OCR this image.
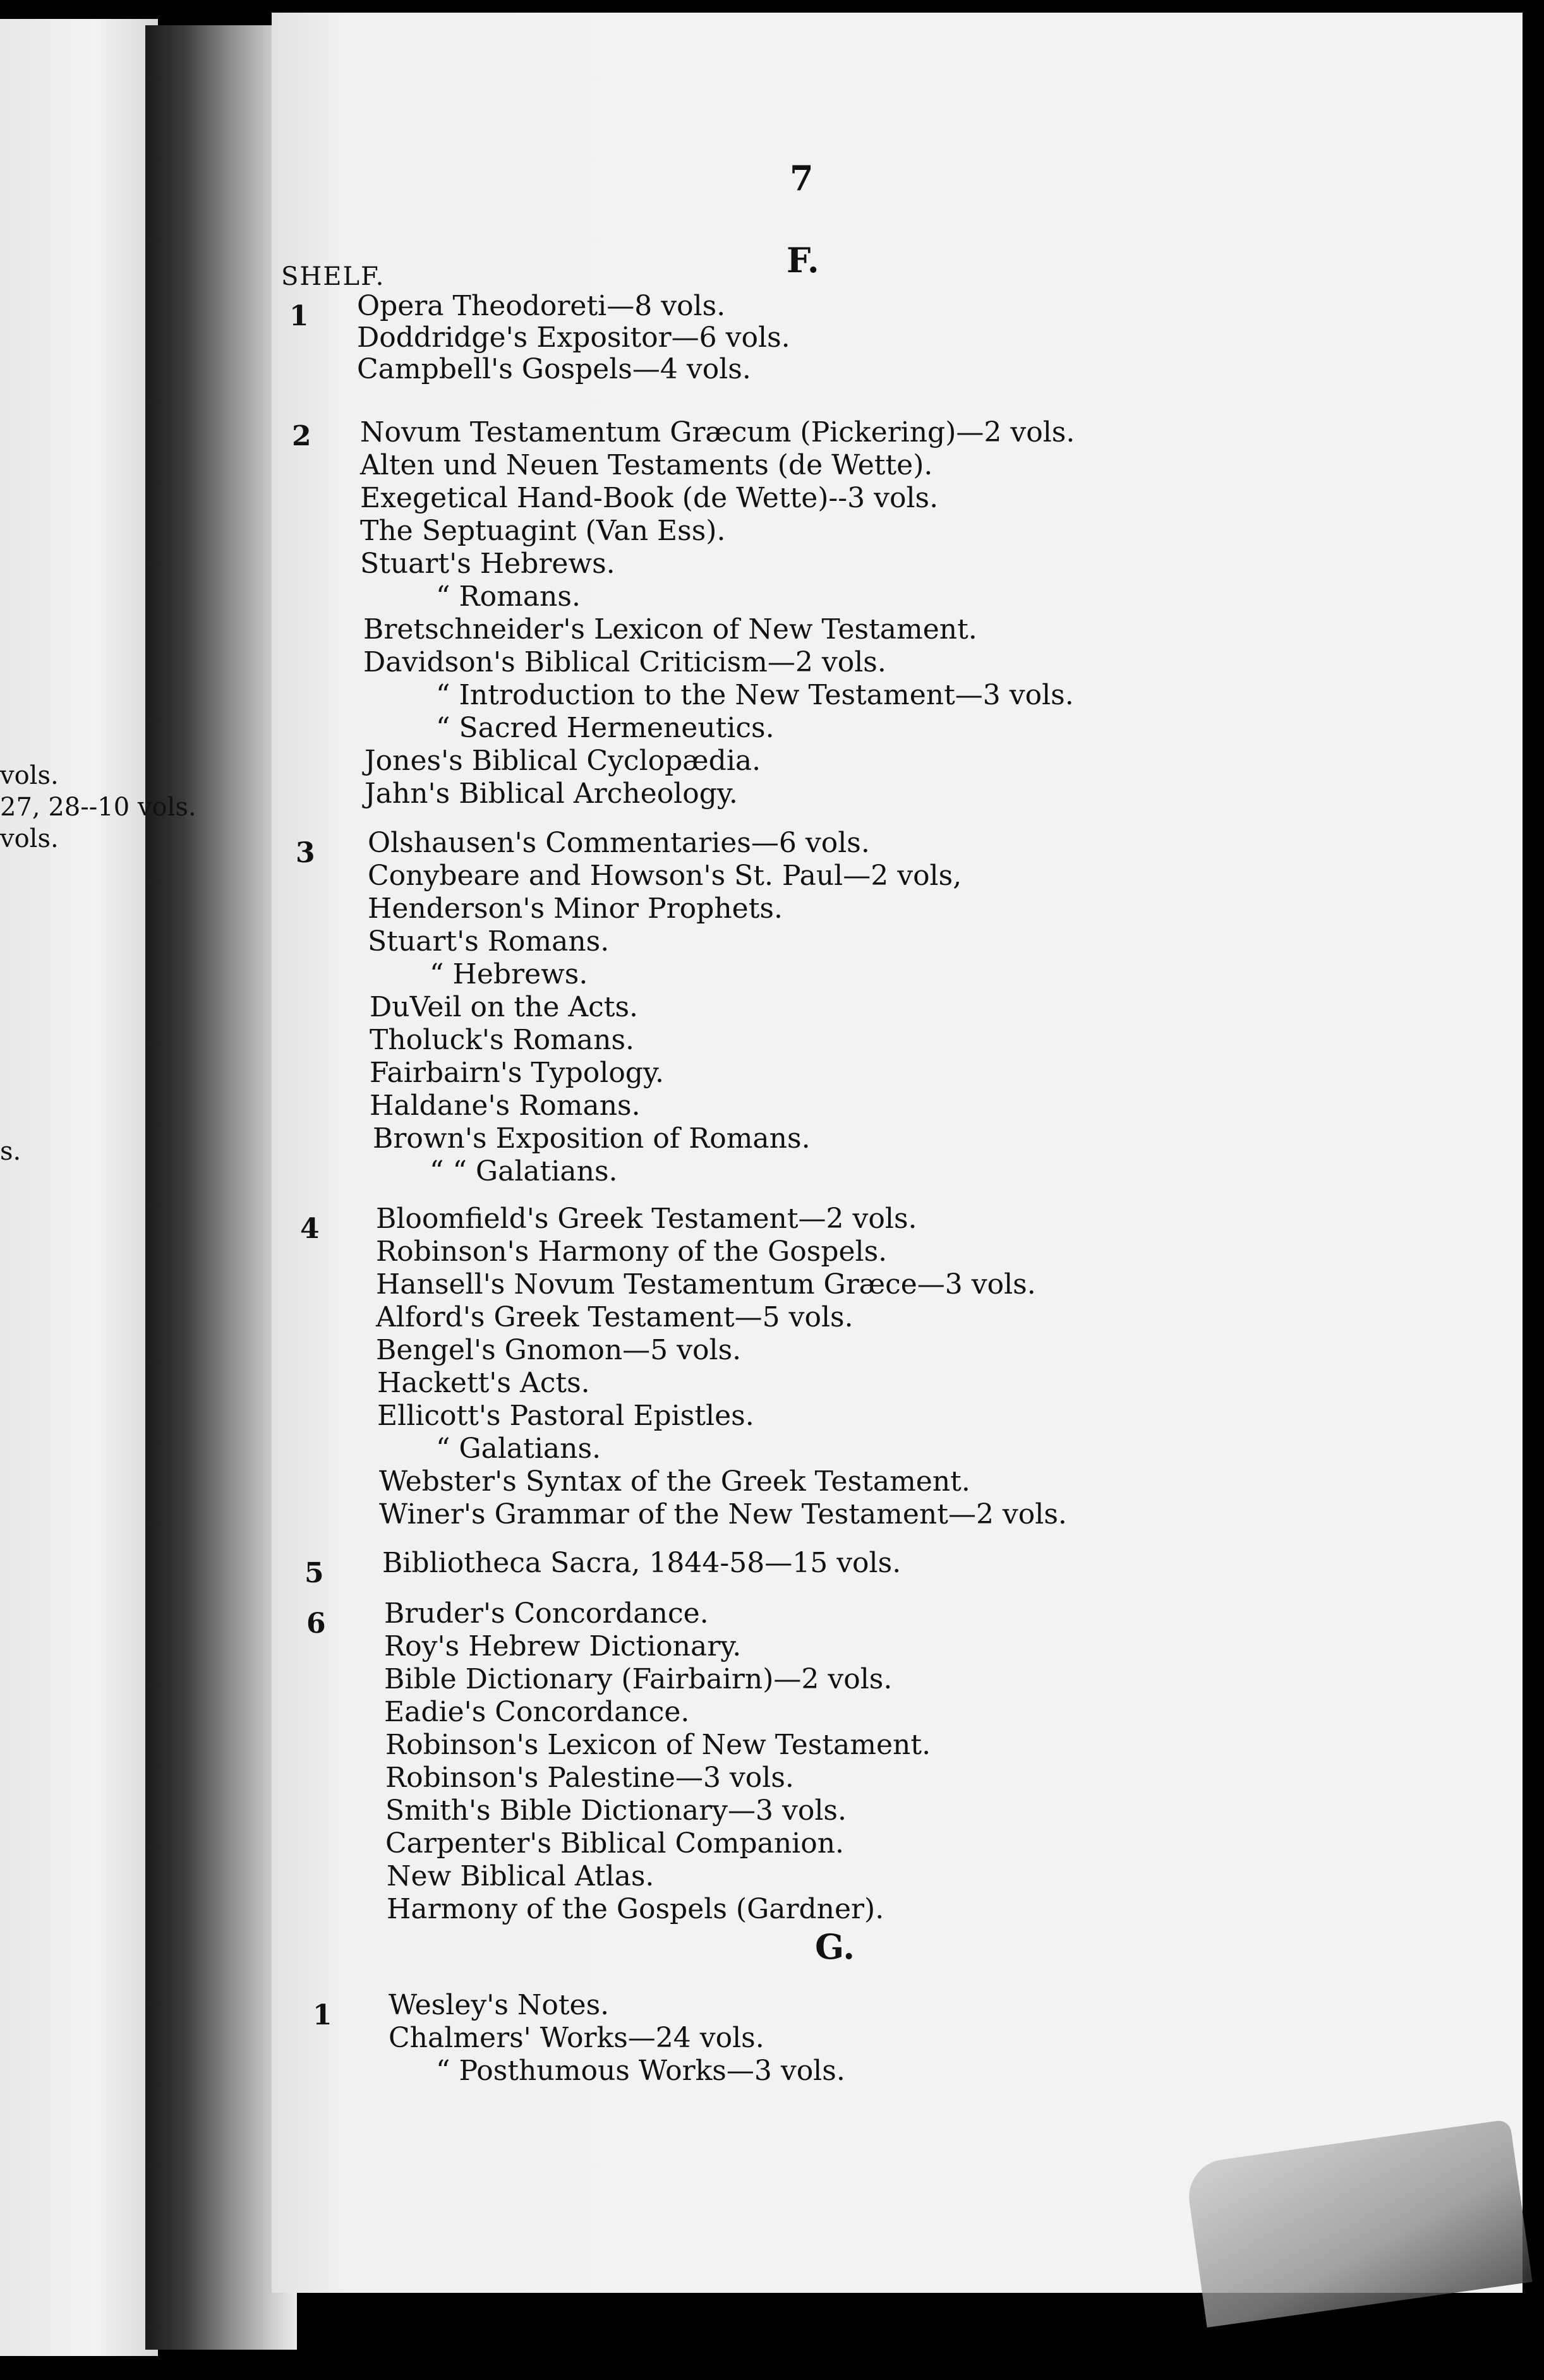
vols.
27, 28--10 vols.
vols.
s.
7
F.
SHELF.
1 Opera Theodoreti—8 vols.
Doddridge's Expositor—6 vols.
Campbell's Gospels—4 vols.
2 Novum Testamentum Græcum (Pickering)—2 vols.
Alten und Neuen Testaments (de Wette).
Exegetical Hand-Book (de Wette)--3 vols.
The Septuagint (Van Ess).
Stuart's Hebrews.
“ Romans.
Bretschneider's Lexicon of New Testament.
Davidson's Biblical Criticism—2 vols.
“ Introduction to the New Testament—3 vols.
“ Sacred Hermeneutics.
Jones's Biblical Cyclopædia.
Jahn's Biblical Archeology.
3 Olshausen's Commentaries—6 vols.
Conybeare and Howson's St. Paul—2 vols,
Henderson's Minor Prophets.
Stuart's Romans.
“ Hebrews.
DuVeil on the Acts.
Tholuck's Romans.
Fairbairn's Typology.
Haldane's Romans.
Brown's Exposition of Romans.
“ “ Galatians.
4 Bloomfield's Greek Testament—2 vols.
Robinson's Harmony of the Gospels.
Hansell's Novum Testamentum Græce—3 vols.
Alford's Greek Testament—5 vols.
Bengel's Gnomon—5 vols.
Hackett's Acts.
Ellicott's Pastoral Epistles.
“ Galatians.
Webster's Syntax of the Greek Testament.
Winer's Grammar of the New Testament—2 vols.
5 Bibliotheca Sacra, 1844-58—15 vols.
6 Bruder's Concordance.
Roy's Hebrew Dictionary.
Bible Dictionary (Fairbairn)—2 vols.
Eadie's Concordance.
Robinson's Lexicon of New Testament.
Robinson's Palestine—3 vols.
Smith's Bible Dictionary—3 vols.
Carpenter's Biblical Companion.
New Biblical Atlas.
Harmony of the Gospels (Gardner).
G.
1 Wesley's Notes.
Chalmers' Works—24 vols.
“ Posthumous Works—3 vols.
